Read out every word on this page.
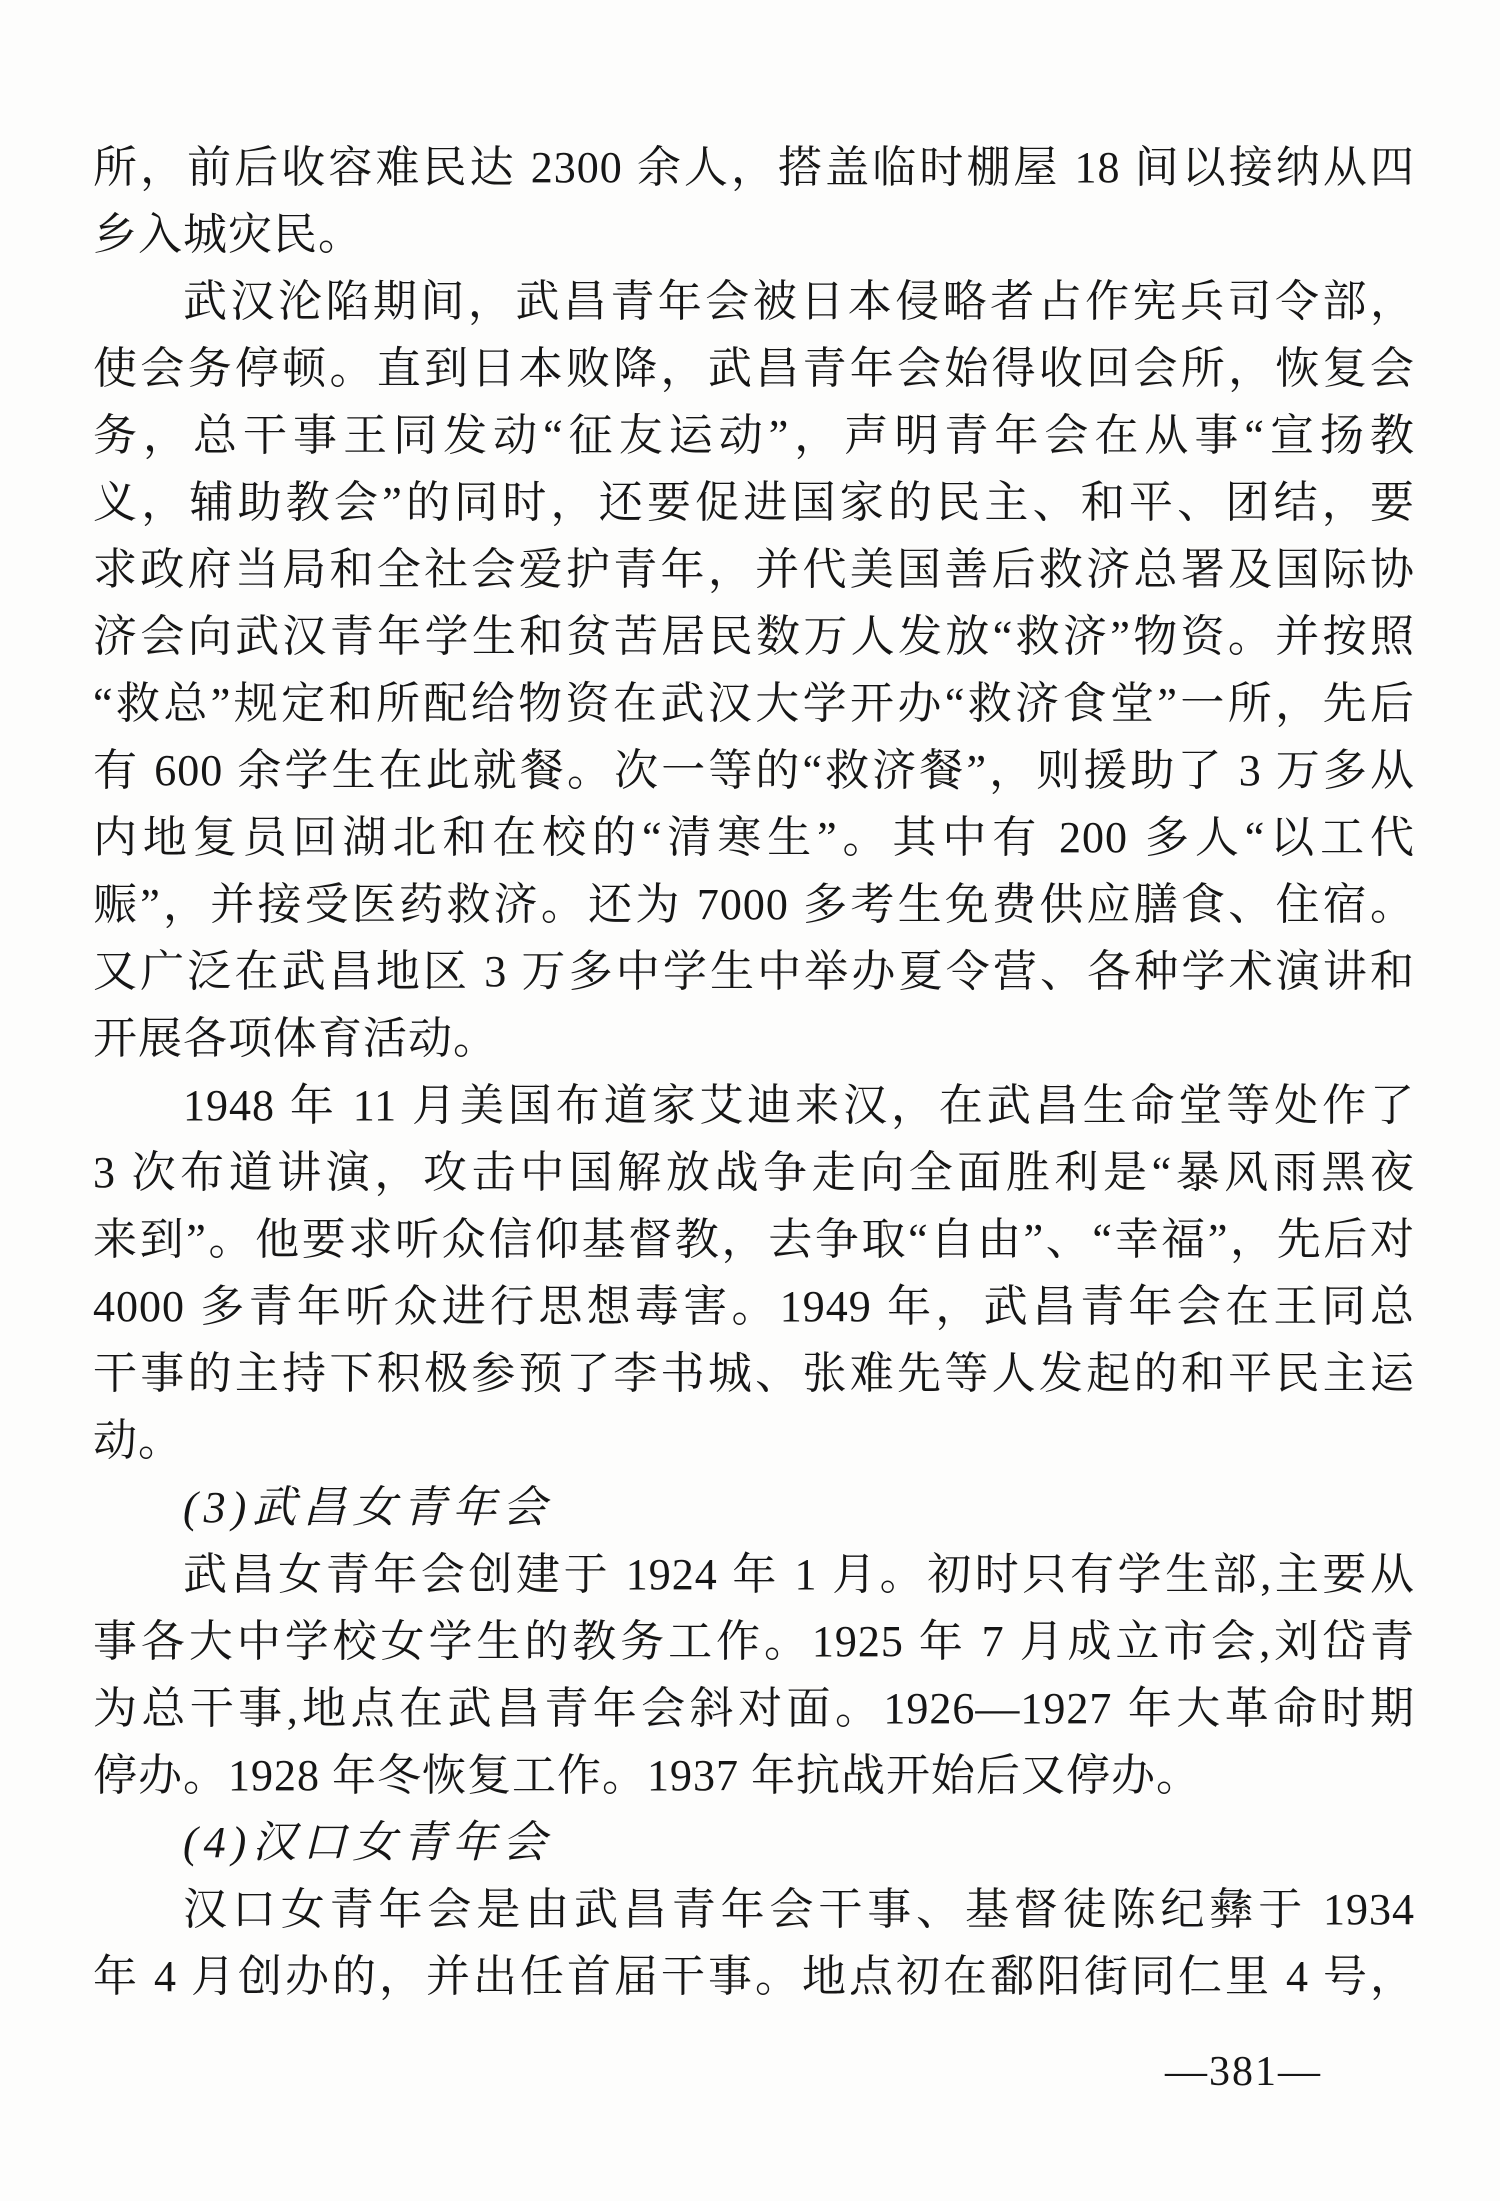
所，前后收容难民达 2300 余人，搭盖临时棚屋 18 间以接纳从四
乡入城灾民。
武汉沦陷期间，武昌青年会被日本侵略者占作宪兵司令部，
使会务停顿。直到日本败降，武昌青年会始得收回会所，恢复会
务，总干事王同发动“征友运动”，声明青年会在从事“宣扬教
义，辅助教会”的同时，还要促进国家的民主、和平、团结，要
求政府当局和全社会爱护青年，并代美国善后救济总署及国际协
济会向武汉青年学生和贫苦居民数万人发放“救济”物资。并按照
“救总”规定和所配给物资在武汉大学开办“救济食堂”一所，先后
有 600 余学生在此就餐。次一等的“救济餐”，则援助了 3 万多从
内地复员回湖北和在校的“清寒生”。其中有 200 多人“以工代
赈”，并接受医药救济。还为 7000 多考生免费供应膳食、住宿。
又广泛在武昌地区 3 万多中学生中举办夏令营、各种学术演讲和
开展各项体育活动。
1948 年 11 月美国布道家艾迪来汉，在武昌生命堂等处作了
3 次布道讲演，攻击中国解放战争走向全面胜利是“暴风雨黑夜
来到”。他要求听众信仰基督教，去争取“自由”、“幸福”，先后对
4000 多青年听众进行思想毒害。1949 年，武昌青年会在王同总
干事的主持下积极参预了李书城、张难先等人发起的和平民主运
动。
(3)武昌女青年会
武昌女青年会创建于 1924 年 1 月。初时只有学生部,主要从
事各大中学校女学生的教务工作。1925 年 7 月成立市会,刘岱青
为总干事,地点在武昌青年会斜对面。1926—1927 年大革命时期
停办。1928 年冬恢复工作。1937 年抗战开始后又停办。
(4)汉口女青年会
汉口女青年会是由武昌青年会干事、基督徒陈纪彝于 1934
年 4 月创办的，并出任首届干事。地点初在鄱阳街同仁里 4 号，
—381—
